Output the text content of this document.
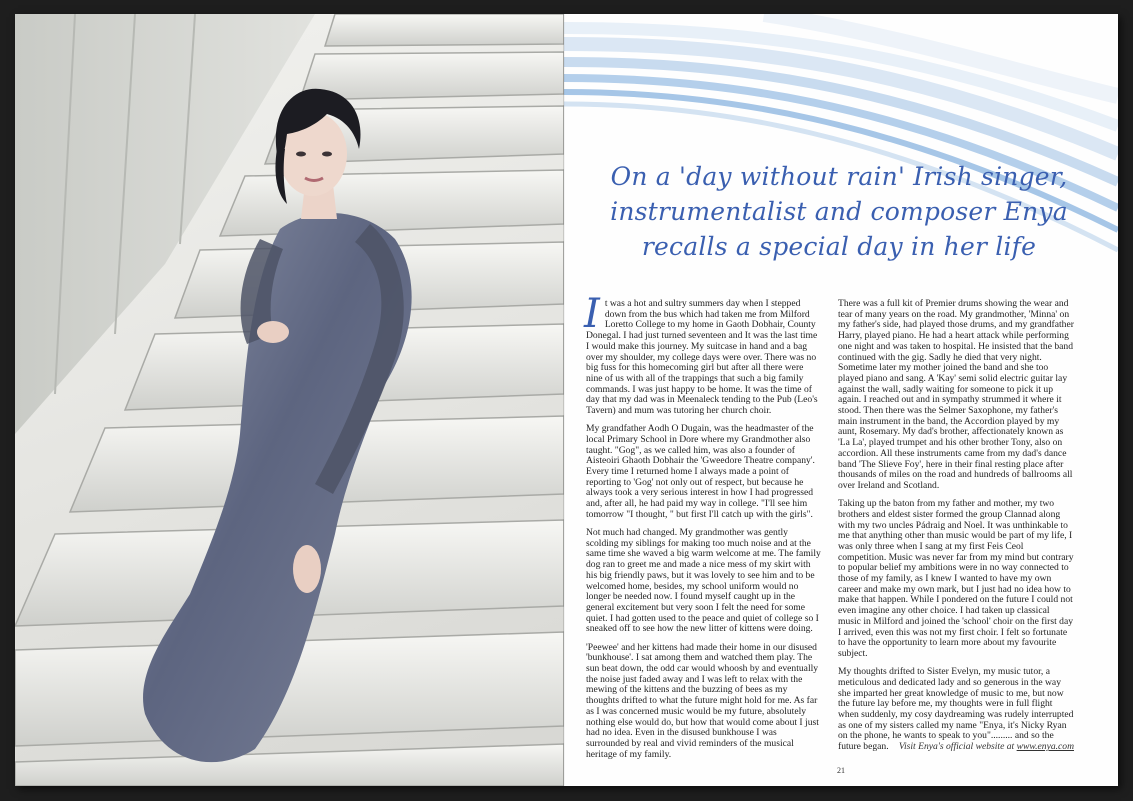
On a 'day without rain' Irish singer, instrumentalist and composer Enya recalls a special day in her life

It was a hot and sultry summers day when I stepped down from the bus which had taken me from Milford Loretto College to my home in Gaoth Dobhair, County Donegal. I had just turned seventeen and It was the last time I would make this journey. My suitcase in hand and a bag over my shoulder, my college days were over. There was no big fuss for this homecoming girl but after all there were nine of us with all of the trappings that such a big family commands. I was just happy to be home. It was the time of day that my dad was in Meenaleck tending to the Pub (Leo's Tavern) and mum was tutoring her church choir.

My grandfather Aodh O Dugain, was the headmaster of the local Primary School in Dore where my Grandmother also taught. "Gog", as we called him, was also a founder of Aisteoiri Ghaoth Dobhair the 'Gweedore Theatre company'. Every time I returned home I always made a point of reporting to 'Gog' not only out of respect, but because he always took a very serious interest in how I had progressed and, after all, he had paid my way in college. "I'll see him tomorrow "I thought, " but first I'll catch up with the girls".

Not much had changed. My grandmother was gently scolding my siblings for making too much noise and at the same time she waved a big warm welcome at me. The family dog ran to greet me and made a nice mess of my skirt with his big friendly paws, but it was lovely to see him and to be welcomed home, besides, my school uniform would no longer be needed now. I found myself caught up in the general excitement but very soon I felt the need for some quiet. I had gotten used to the peace and quiet of college so I sneaked off to see how the new litter of kittens were doing.

'Peewee' and her kittens had made their home in our disused 'bunkhouse'. I sat among them and watched them play. The sun beat down, the odd car would whoosh by and eventually the noise just faded away and I was left to relax with the mewing of the kittens and the buzzing of bees as my thoughts drifted to what the future might hold for me. As far as I was concerned music would be my future, absolutely nothing else would do, but how that would come about I just had no idea. Even in the disused bunkhouse I was surrounded by real and vivid reminders of the musical heritage of my family.

There was a full kit of Premier drums showing the wear and tear of many years on the road. My grandmother, 'Minna' on my father's side, had played those drums, and my grandfather Harry, played piano. He had a heart attack while performing one night and was taken to hospital. He insisted that the band continued with the gig. Sadly he died that very night. Sometime later my mother joined the band and she too played piano and sang. A 'Kay' semi solid electric guitar lay against the wall, sadly waiting for someone to pick it up again. I reached out and in sympathy strummed it where it stood. Then there was the Selmer Saxophone, my father's main instrument in the band, the Accordion played by my aunt, Rosemary. My dad's brother, affectionately known as 'La La', played trumpet and his other brother Tony, also on accordion. All these instruments came from my dad's dance band 'The Slieve Foy', here in their final resting place after thousands of miles on the road and hundreds of ballrooms all over Ireland and Scotland.

Taking up the baton from my father and mother, my two brothers and eldest sister formed the group Clannad along with my two uncles Pádraig and Noel. It was unthinkable to me that anything other than music would be part of my life, I was only three when I sang at my first Feis Ceol competition. Music was never far from my mind but contrary to popular belief my ambitions were in no way connected to those of my family, as I knew I wanted to have my own career and make my own mark, but I just had no idea how to make that happen. While I pondered on the future I could not even imagine any other choice. I had taken up classical music in Milford and joined the 'school' choir on the first day I arrived, even this was not my first choir. I felt so fortunate to have the opportunity to learn more about my favourite subject.

My thoughts drifted to Sister Evelyn, my music tutor, a meticulous and dedicated lady and so generous in the way she imparted her great knowledge of music to me, but now the future lay before me, my thoughts were in full flight when suddenly, my cosy daydreaming was rudely interrupted as one of my sisters called my name "Enya, it's Nicky Ryan on the phone, he wants to speak to you"......... and so the future began.	Visit Enya's official website at www.enya.com
21
